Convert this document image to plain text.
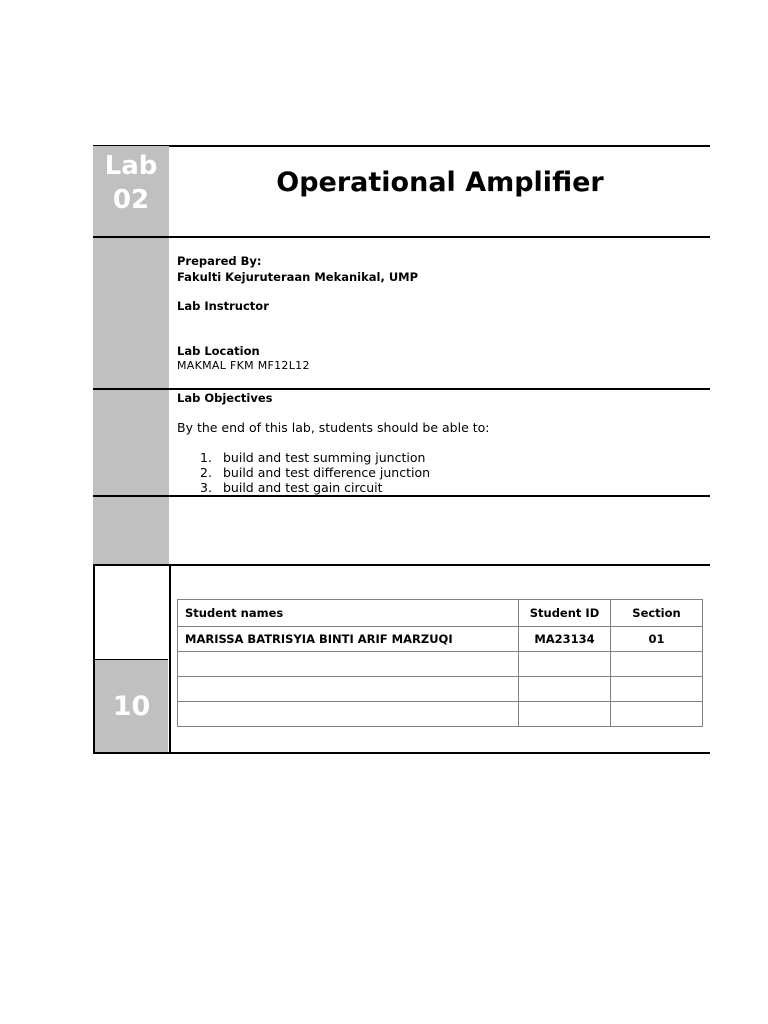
Lab
02
Operational Amplifier
Prepared By:
Fakulti Kejuruteraan Mekanikal, UMP
Lab Instructor
Lab Location
MAKMAL FKM MF12L12
Lab Objectives
By the end of this lab, students should be able to:
1. build and test summing junction
2. build and test difference junction
3. build and test gain circuit
10
Student names	Student ID	Section
MARISSA BATRISYIA BINTI ARIF MARZUQI	MA23134	01
